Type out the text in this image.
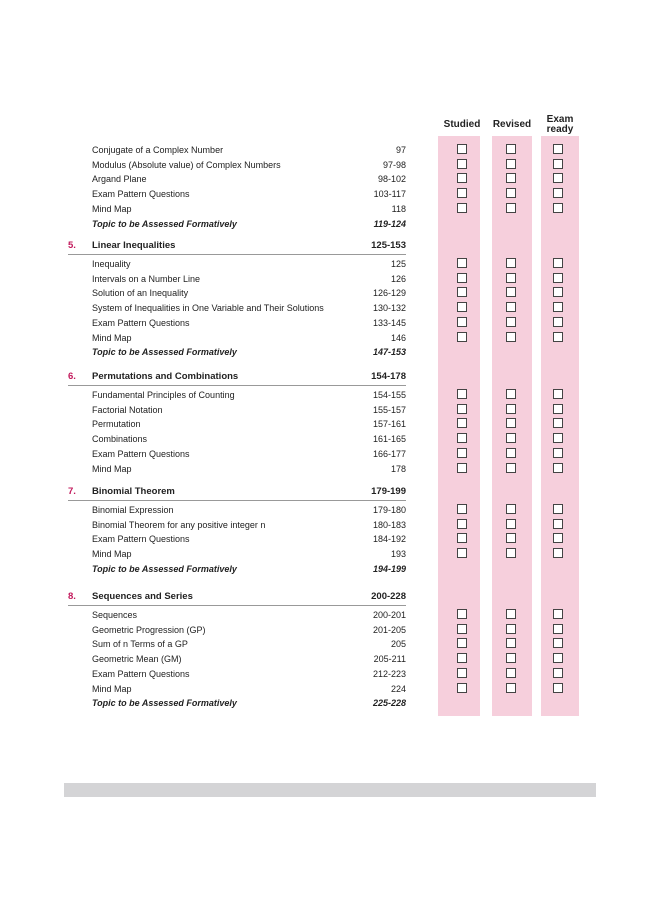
Studied	Revised	Exam
ready
Conjugate of a Complex Number	97
Modulus (Absolute value) of Complex Numbers	97-98
Argand Plane	98-102
Exam Pattern Questions	103-117
Mind Map	118
Topic to be Assessed Formatively	119-124
5. Linear Inequalities	125-153
Inequality	125
Intervals on a Number Line	126
Solution of an Inequality	126-129
System of Inequalities in One Variable and Their Solutions	130-132
Exam Pattern Questions	133-145
Mind Map	146
Topic to be Assessed Formatively	147-153
6. Permutations and Combinations	154-178
Fundamental Principles of Counting	154-155
Factorial Notation	155-157
Permutation	157-161
Combinations	161-165
Exam Pattern Questions	166-177
Mind Map	178
7. Binomial Theorem	179-199
Binomial Expression	179-180
Binomial Theorem for any positive integer n	180-183
Exam Pattern Questions	184-192
Mind Map	193
Topic to be Assessed Formatively	194-199
8. Sequences and Series	200-228
Sequences	200-201
Geometric Progression (GP)	201-205
Sum of n Terms of a GP	205
Geometric Mean (GM)	205-211
Exam Pattern Questions	212-223
Mind Map	224
Topic to be Assessed Formatively	225-228
